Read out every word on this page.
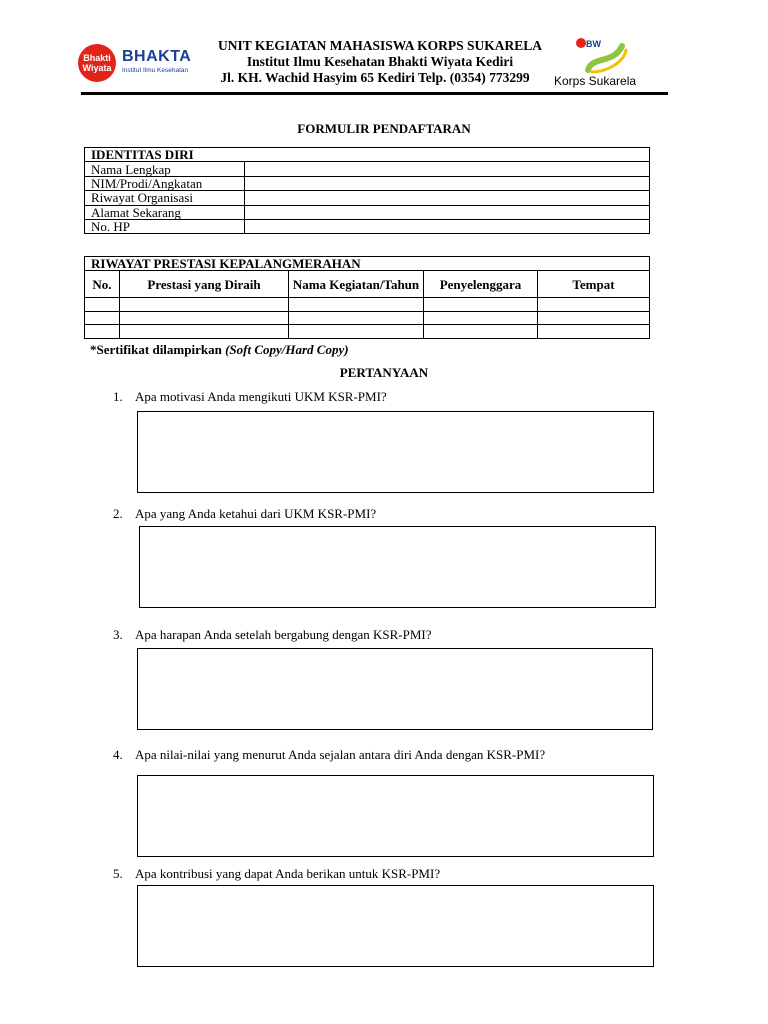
Bhakti
Wiyata
BHAKTA
Institut Ilmu Kesehatan
UNIT KEGIATAN MAHASISWA KORPS SUKARELA
Institut Ilmu Kesehatan Bhakti Wiyata Kediri
Jl. KH. Wachid Hasyim 65 Kediri Telp. (0354) 773299
BW
Korps Sukarela
FORMULIR PENDAFTARAN
IDENTITAS DIRI	
Nama Lengkap	
NIM/Prodi/Angkatan	
Riwayat Organisasi	
Alamat Sekarang	
No. HP	
RIWAYAT PRESTASI KEPALANGMERAHAN				
No.	Prestasi yang Diraih	Nama Kegiatan/Tahun	Penyelenggara	Tempat

*Sertifikat dilampirkan (Soft Copy/Hard Copy)
PERTANYAAN
1. Apa motivasi Anda mengikuti UKM KSR-PMI?
2. Apa yang Anda ketahui dari UKM KSR-PMI?
3. Apa harapan Anda setelah bergabung dengan KSR-PMI?
4. Apa nilai-nilai yang menurut Anda sejalan antara diri Anda dengan KSR-PMI?
5. Apa kontribusi yang dapat Anda berikan untuk KSR-PMI?
